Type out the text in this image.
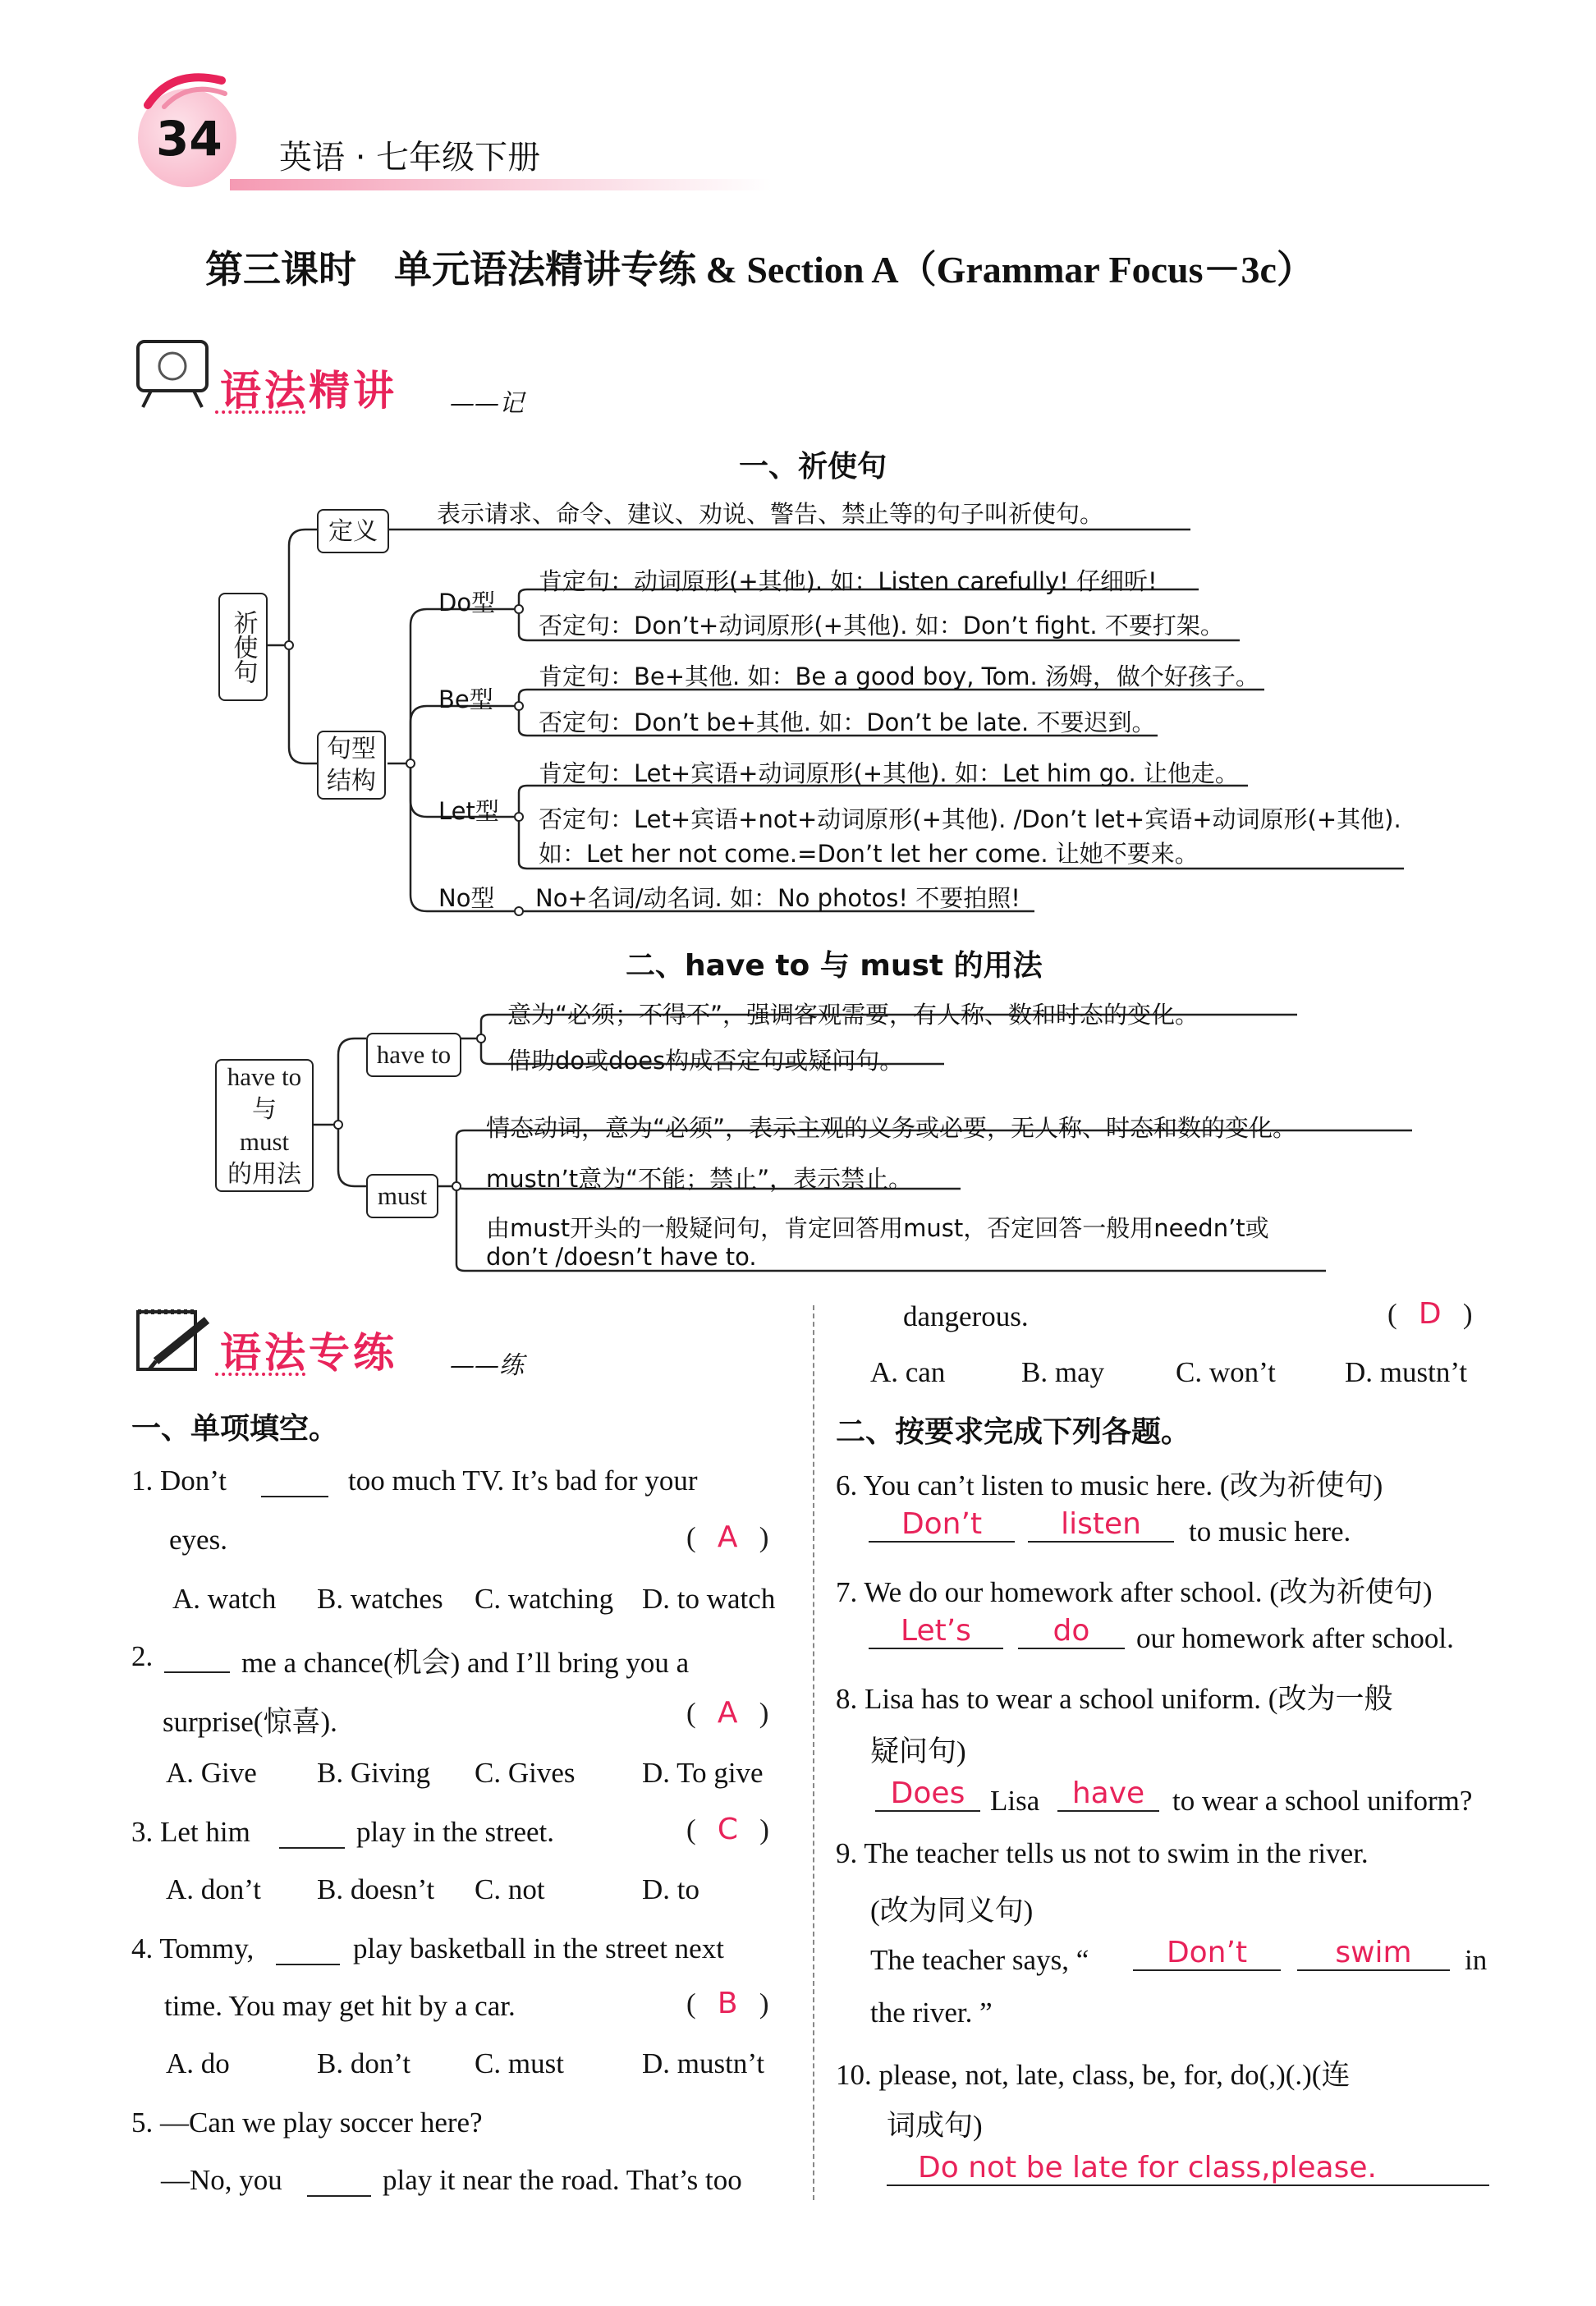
34 英语 · 七年级下册
第三课时　单元语法精讲专练 & Section A（Grammar Focus－3c）
语法精讲 ——记
一、祈使句
祈使句
定义
表示请求、命令、建议、劝说、警告、禁止等的句子叫祈使句。
句型结构
Do型
肯定句：动词原形(+其他). 如：Listen carefully! 仔细听!
否定句：Don’t+动词原形(+其他). 如：Don’t fight. 不要打架。
Be型
肯定句：Be+其他. 如：Be a good boy, Tom. 汤姆，做个好孩子。
否定句：Don’t be+其他. 如：Don’t be late. 不要迟到。
Let型
肯定句：Let+宾语+动词原形(+其他). 如：Let him go. 让他走。
否定句：Let+宾语+not+动词原形(+其他). /Don’t let+宾语+动词原形(+其他).
如：Let her not come.=Don’t let her come. 让她不要来。
No型 No+名词/动名词. 如：No photos! 不要拍照!
二、have to 与 must 的用法
have to
与
must
的用法
have to
意为“必须；不得不”，强调客观需要，有人称、数和时态的变化。
借助do或does构成否定句或疑问句。
must
情态动词，意为“必须”，表示主观的义务或必要，无人称、时态和数的变化。
mustn’t意为“不能；禁止”，表示禁止。
由must开头的一般疑问句，肯定回答用must，否定回答一般用needn’t或
don’t /doesn’t have to.
语法专练 ——练
一、单项填空。
1. Don’t	too much TV. It’s bad for your
eyes.	(   A   )
A. watch B. watches C. watching D. to watch
2.	me a chance(机会) and I’ll bring you a
surprise(惊喜).	(   A   )
A. Give B. Giving C. Gives D. To give
3. Let him	play in the street.	(   C   )
A. don’t B. doesn’t C. not	D. to
4. Tommy,	play basketball in the street next
time. You may get hit by a car.	(   B   )
A. do	B. don’t C. must	D. mustn’t
5. —Can we play soccer here?
—No, you	play it near the road. That’s too
dangerous.	(   D   )
A. can	B. may C. won’t D. mustn’t
二、按要求完成下列各题。
6. You can’t listen to music here. (改为祈使句)
Don’t	listen	to music here.
7. We do our homework after school. (改为祈使句)
Let’s	do	our homework after school.
8. Lisa has to wear a school uniform. (改为一般
疑问句)
Does Lisa	have to wear a school uniform?
9. The teacher tells us not to swim in the river.
(改为同义句)
The teacher says, “	Don’t	swim	in
the river. ”
10. please, not, late, class, be, for, do(,)(.)(连
词成句)
Do not be late for class,please.
